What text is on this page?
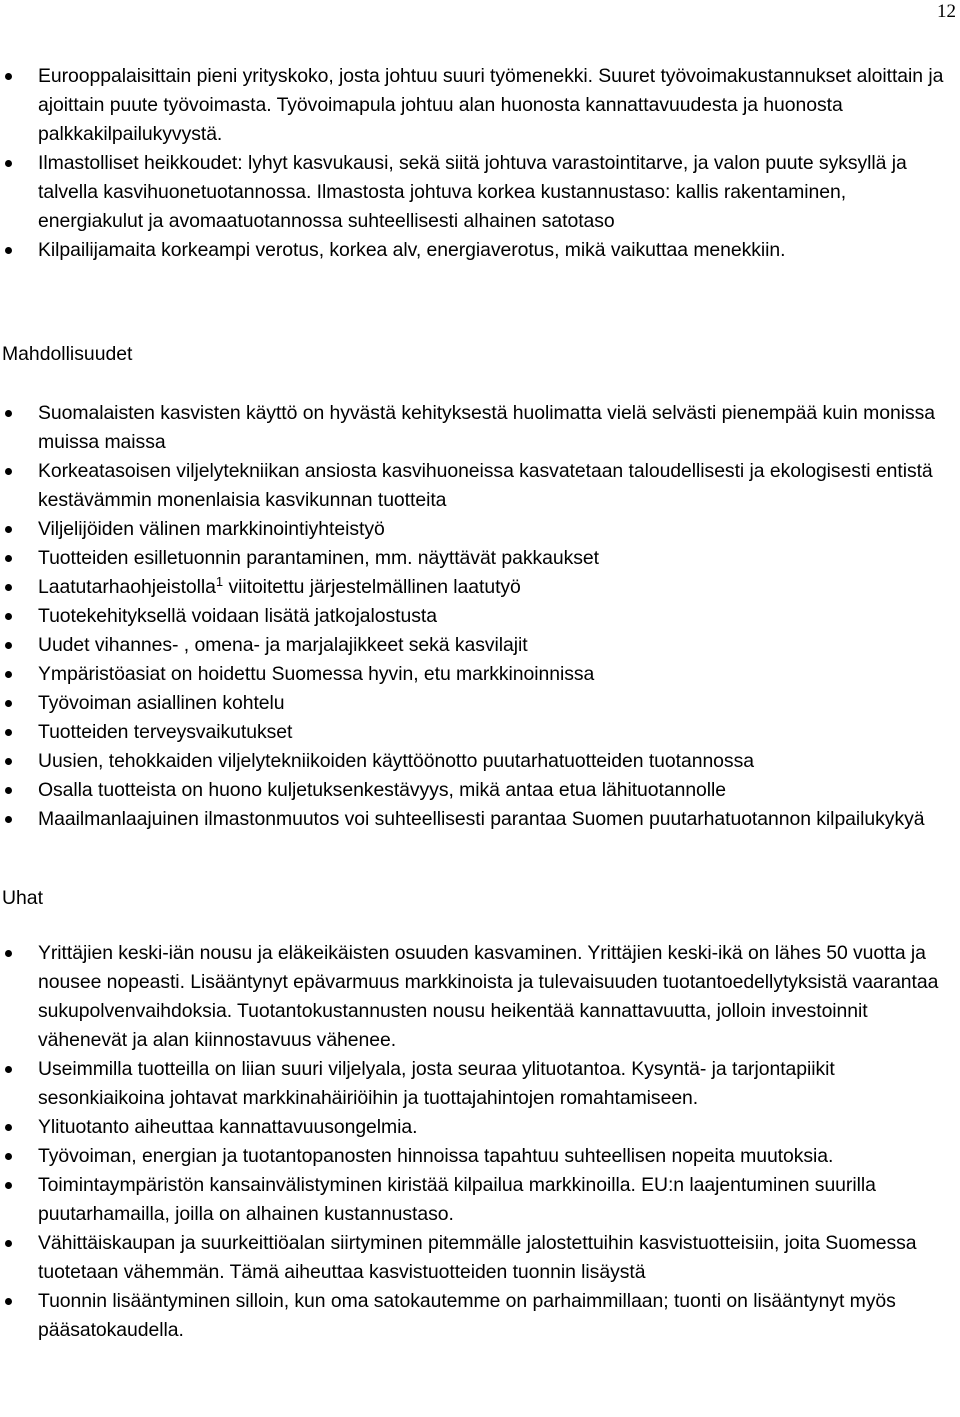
12
Eurooppalaisittain pieni yrityskoko, josta johtuu suuri työmenekki. Suuret työvoimakustannukset aloittain ja ajoittain puute työvoimasta. Työvoimapula johtuu alan huonosta kannattavuudesta ja huonosta palkkakilpailukyvystä.
Ilmastolliset heikkoudet: lyhyt kasvukausi, sekä siitä johtuva varastointitarve, ja valon puute syksyllä ja talvella kasvihuonetuotannossa. Ilmastosta johtuva korkea kustannustaso: kallis rakentaminen, energiakulut ja avomaatuotannossa suhteellisesti alhainen satotaso
Kilpailijamaita korkeampi verotus, korkea alv, energiaverotus, mikä vaikuttaa menekkiin.
Mahdollisuudet
Suomalaisten kasvisten käyttö on hyvästä kehityksestä huolimatta vielä selvästi pienempää kuin monissa muissa maissa
Korkeatasoisen viljelytekniikan ansiosta kasvihuoneissa kasvatetaan taloudellisesti ja ekologisesti entistä kestävämmin monenlaisia kasvikunnan tuotteita
Viljelijöiden välinen markkinointiyhteistyö
Tuotteiden esilletuonnin parantaminen, mm. näyttävät pakkaukset
Laatutarhaohjeistolla$^1$ viitoitettu järjestelmällinen laatutyö
Tuotekehityksellä voidaan lisätä jatkojalostusta
Uudet vihannes- , omena- ja marjalajikkeet sekä kasvilajit
Ympäristöasiat on hoidettu Suomessa hyvin, etu markkinoinnissa
Työvoiman asiallinen kohtelu
Tuotteiden terveysvaikutukset
Uusien, tehokkaiden viljelytekniikoiden käyttöönotto puutarhatuotteiden tuotannossa
Osalla tuotteista on huono kuljetuksenkestävyys, mikä antaa etua lähituotannolle
Maailmanlaajuinen ilmastonmuutos voi suhteellisesti parantaa Suomen puutarhatuotannon kilpailukykyä
Uhat
Yrittäjien keski-iän nousu ja eläkeikäisten osuuden kasvaminen. Yrittäjien keski-ikä on lähes 50 vuotta ja nousee nopeasti. Lisääntynyt epävarmuus markkinoista ja tulevaisuuden tuotantoedellytyksistä vaarantaa sukupolvenvaihdoksia. Tuotantokustannusten nousu heikentää kannattavuutta, jolloin investoinnit vähenevät ja alan kiinnostavuus vähenee.
Useimmilla tuotteilla on liian suuri viljelyala, josta seuraa ylituotantoa. Kysyntä- ja tarjontapiikit sesonkiaikoina johtavat markkinahäiriöihin ja tuottajahintojen romahtamiseen.
Ylituotanto aiheuttaa kannattavuusongelmia.
Työvoiman, energian ja tuotantopanosten hinnoissa tapahtuu suhteellisen nopeita muutoksia.
Toimintaympäristön kansainvälistyminen kiristää kilpailua markkinoilla. EU:n laajentuminen suurilla puutarhamailla, joilla on alhainen kustannustaso.
Vähittäiskaupan ja suurkeittiöalan siirtyminen pitemmälle jalostettuihin kasvistuotteisiin, joita Suomessa tuotetaan vähemmän. Tämä aiheuttaa kasvistuotteiden tuonnin lisäystä
Tuonnin lisääntyminen silloin, kun oma satokautemme on parhaimmillaan; tuonti on lisääntynyt myös pääsatokaudella.
